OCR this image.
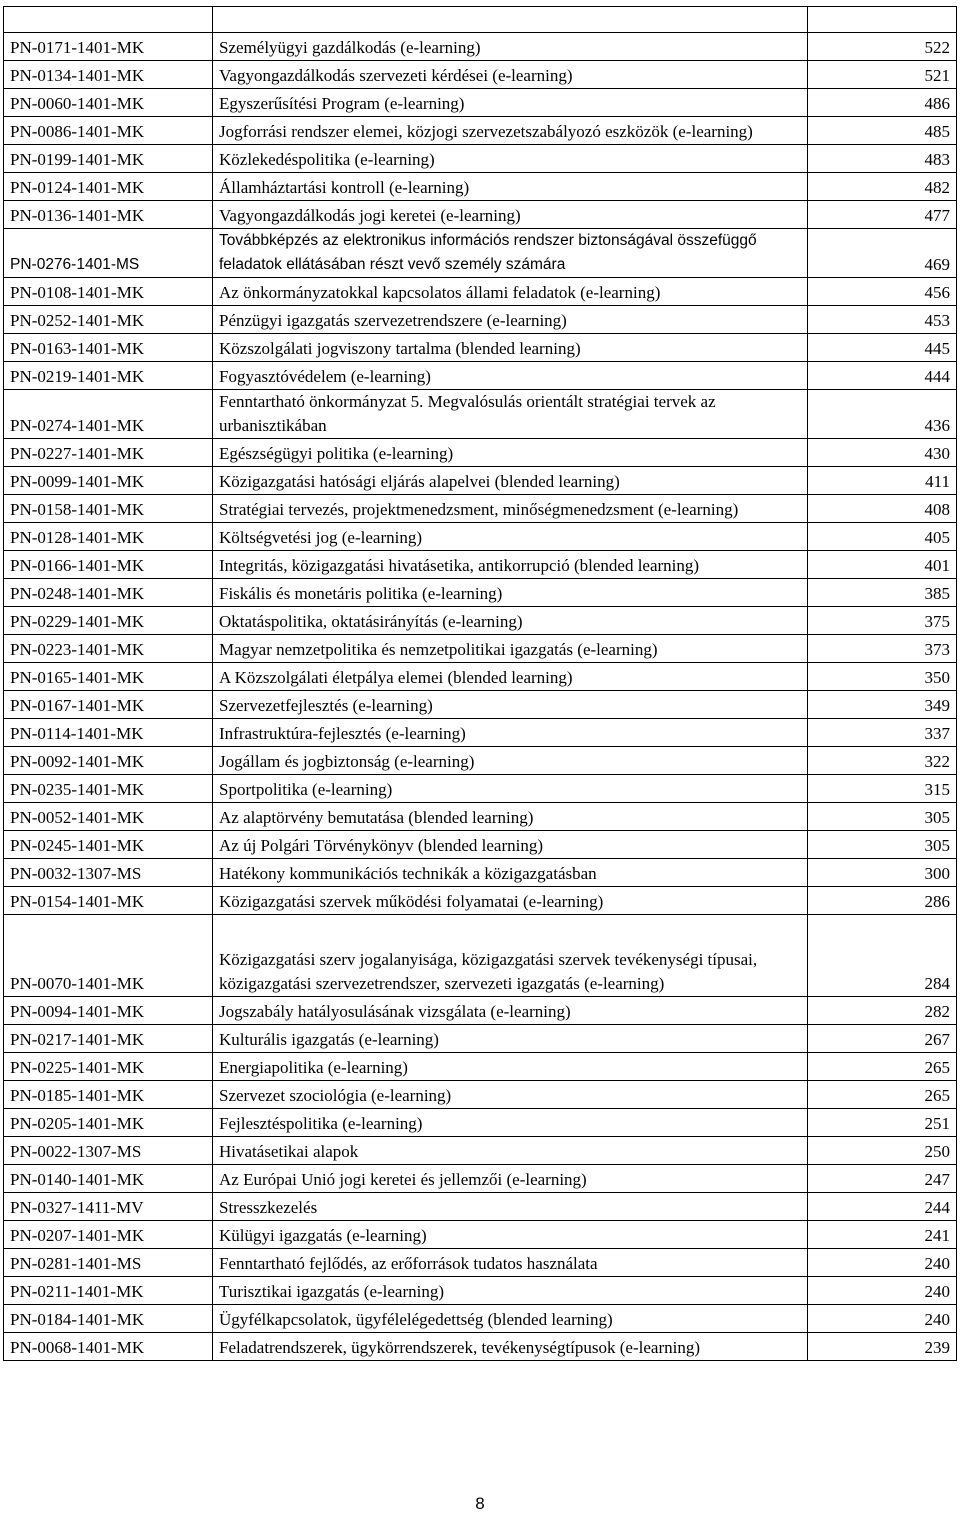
PN-0171-1401-MK	Személyügyi gazdálkodás (e-learning)	522
PN-0134-1401-MK	Vagyongazdálkodás szervezeti kérdései (e-learning)	521
PN-0060-1401-MK	Egyszerűsítési Program (e-learning)	486
PN-0086-1401-MK	Jogforrási rendszer elemei, közjogi szervezetszabályozó eszközök (e-learning)	485
PN-0199-1401-MK	Közlekedéspolitika (e-learning)	483
PN-0124-1401-MK	Államháztartási kontroll (e-learning)	482
PN-0136-1401-MK	Vagyongazdálkodás jogi keretei (e-learning)	477
PN-0276-1401-MS	Továbbképzés az elektronikus információs rendszer biztonságával összefüggő feladatok ellátásában részt vevő személy számára	469
PN-0108-1401-MK	Az önkormányzatokkal kapcsolatos állami feladatok (e-learning)	456
PN-0252-1401-MK	Pénzügyi igazgatás szervezetrendszere (e-learning)	453
PN-0163-1401-MK	Közszolgálati jogviszony tartalma (blended learning)	445
PN-0219-1401-MK	Fogyasztóvédelem (e-learning)	444
PN-0274-1401-MK	Fenntartható önkormányzat 5. Megvalósulás orientált stratégiai tervek az urbanisztikában	436
PN-0227-1401-MK	Egészségügyi politika (e-learning)	430
PN-0099-1401-MK	Közigazgatási hatósági eljárás alapelvei (blended learning)	411
PN-0158-1401-MK	Stratégiai tervezés, projektmenedzsment, minőségmenedzsment (e-learning)	408
PN-0128-1401-MK	Költségvetési jog (e-learning)	405
PN-0166-1401-MK	Integritás, közigazgatási hivatásetika, antikorrupció (blended learning)	401
PN-0248-1401-MK	Fiskális és monetáris politika (e-learning)	385
PN-0229-1401-MK	Oktatáspolitika, oktatásirányítás (e-learning)	375
PN-0223-1401-MK	Magyar nemzetpolitika és nemzetpolitikai igazgatás (e-learning)	373
PN-0165-1401-MK	A Közszolgálati életpálya elemei (blended learning)	350
PN-0167-1401-MK	Szervezetfejlesztés (e-learning)	349
PN-0114-1401-MK	Infrastruktúra-fejlesztés (e-learning)	337
PN-0092-1401-MK	Jogállam és jogbiztonság (e-learning)	322
PN-0235-1401-MK	Sportpolitika (e-learning)	315
PN-0052-1401-MK	Az alaptörvény bemutatása (blended learning)	305
PN-0245-1401-MK	Az új Polgári Törvénykönyv (blended learning)	305
PN-0032-1307-MS	Hatékony kommunikációs technikák a közigazgatásban	300
PN-0154-1401-MK	Közigazgatási szervek működési folyamatai (e-learning)	286
PN-0070-1401-MK	Közigazgatási szerv jogalanyisága, közigazgatási szervek tevékenységi típusai, közigazgatási szervezetrendszer, szervezeti igazgatás (e-learning)	284
PN-0094-1401-MK	Jogszabály hatályosulásának vizsgálata (e-learning)	282
PN-0217-1401-MK	Kulturális igazgatás (e-learning)	267
PN-0225-1401-MK	Energiapolitika (e-learning)	265
PN-0185-1401-MK	Szervezet szociológia (e-learning)	265
PN-0205-1401-MK	Fejlesztéspolitika (e-learning)	251
PN-0022-1307-MS	Hivatásetikai alapok	250
PN-0140-1401-MK	Az Európai Unió jogi keretei és jellemzői (e-learning)	247
PN-0327-1411-MV	Stresszkezelés	244
PN-0207-1401-MK	Külügyi igazgatás (e-learning)	241
PN-0281-1401-MS	Fenntartható fejlődés, az erőforrások tudatos használata	240
PN-0211-1401-MK	Turisztikai igazgatás (e-learning)	240
PN-0184-1401-MK	Ügyfélkapcsolatok, ügyfélelégedettség (blended learning)	240
PN-0068-1401-MK	Feladatrendszerek, ügykörrendszerek, tevékenységtípusok (e-learning)	239
8
